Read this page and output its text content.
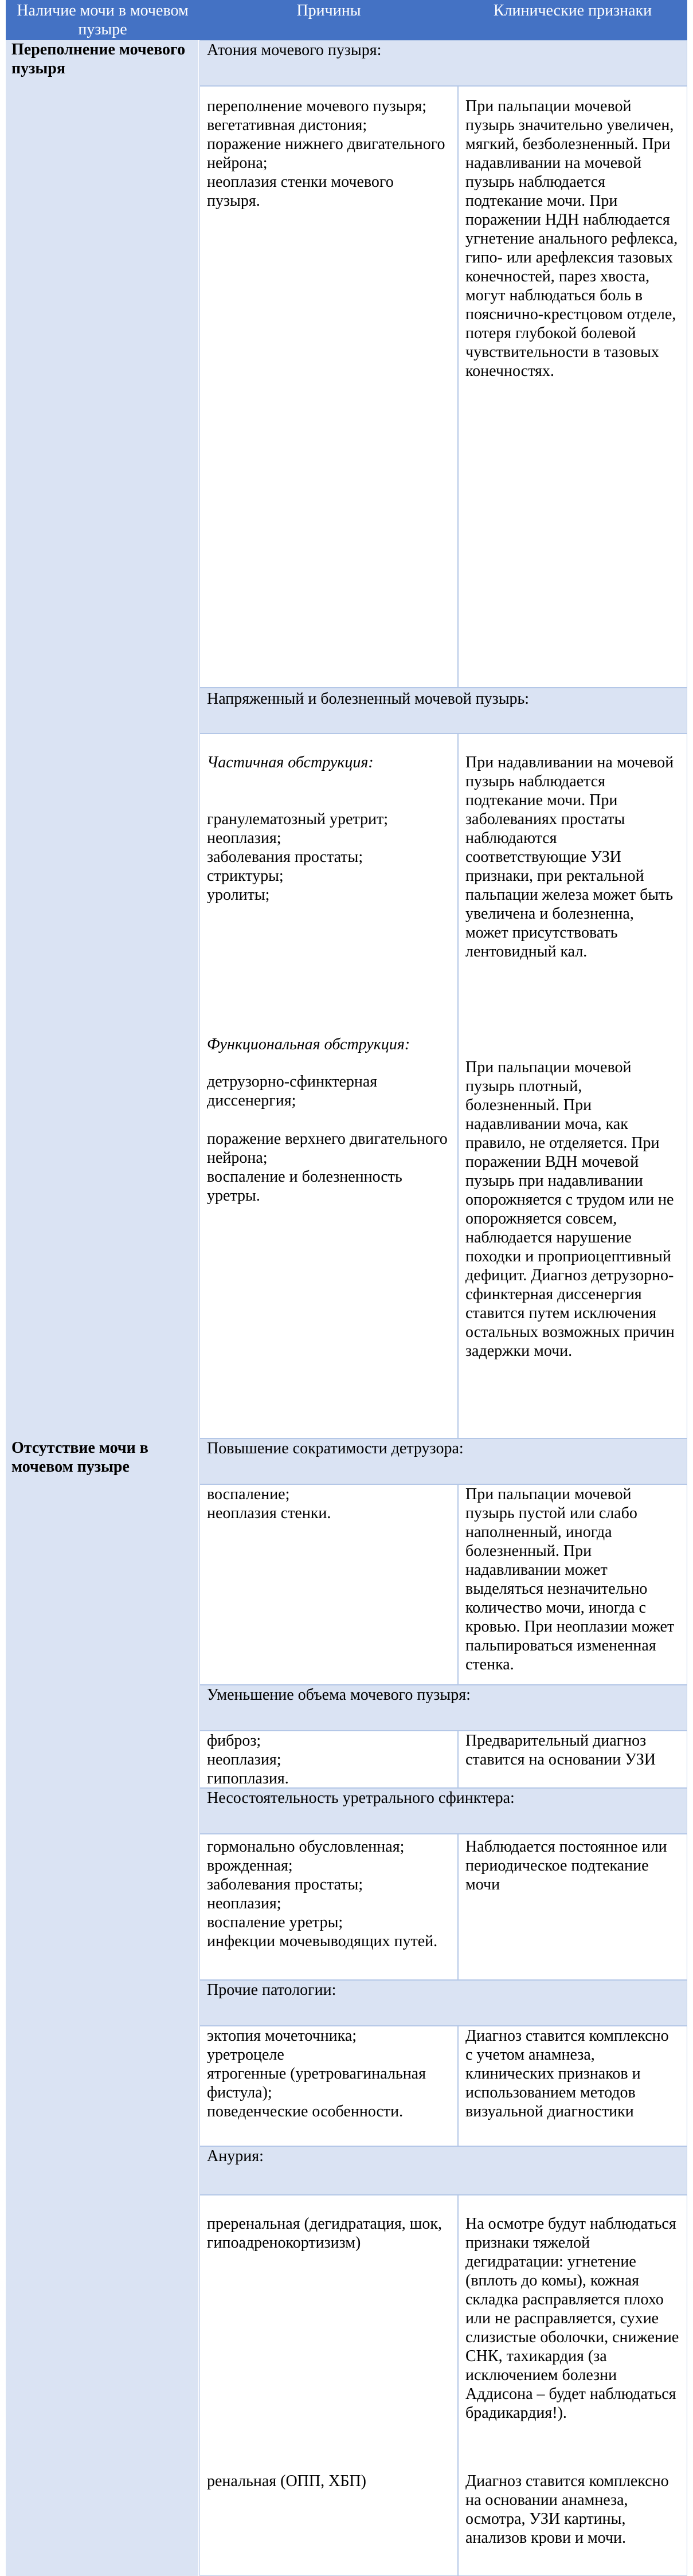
Наличие мочи в мочевом пузыре
Причины	Клинические признаки
Переполнение мочевого пузыря
Отсутствие мочи в мочевом пузыре
Атония мочевого пузыря:
переполнение мочевого пузыря;
вегетативная дистония;
поражение нижнего двигательного нейрона;
неоплазия стенки мочевого пузыря.
При пальпации мочевой пузырь значительно увеличен, мягкий, безболезненный. При надавливании на мочевой пузырь наблюдается подтекание мочи. При поражении НДН наблюдается угнетение анального рефлекса, гипо- или арефлексия тазовых конечностей, парез хвоста, могут наблюдаться боль в пояснично-крестцовом отделе, потеря глубокой болевой чувствительности в тазовых конечностях.
Напряженный и болезненный мочевой пузырь:

Частичная обструкция:

гранулематозный уретрит;
неоплазия;
заболевания простаты;
стриктуры;
уролиты;

Функциональная обструкция:

детрузорно-сфинктерная диссенергия;

поражение верхнего двигательного нейрона;
воспаление и болезненность уретры.

При надавливании на мочевой пузырь наблюдается подтекание мочи. При заболеваниях простаты наблюдаются соответствующие УЗИ признаки, при ректальной пальпации железа может быть увеличена и болезненна, может присутствовать лентовидный кал.

При пальпации мочевой пузырь плотный, болезненный. При надавливании моча, как правило, не отделяется. При поражении ВДН мочевой пузырь при надавливании опорожняется с трудом или не опорожняется совсем, наблюдается нарушение походки и проприоцептивный дефицит. Диагноз детрузорно-сфинктерная диссенергия ставится путем исключения остальных возможных причин задержки мочи.

Повышение сократимости детрузора:
воспаление;
неоплазия стенки.
При пальпации мочевой пузырь пустой или слабо наполненный, иногда болезненный. При надавливании может выделяться незначительно количество мочи, иногда с кровью. При неоплазии может пальпироваться измененная стенка.
Уменьшение объема мочевого пузыря:
фиброз;
неоплазия;
гипоплазия.
Предварительный диагноз ставится на основании УЗИ
Несостоятельность уретрального сфинктера:
гормонально обусловленная;
врожденная;
заболевания простаты;
неоплазия;
воспаление уретры;
инфекции мочевыводящих путей.
Наблюдается постоянное или периодическое подтекание мочи
Прочие патологии:
эктопия мочеточника;
уретроцеле
ятрогенные (уретровагинальная фистула);
поведенческие особенности.
Диагноз ставится комплексно с учетом анамнеза, клинических признаков и использованием методов визуальной диагностики
Анурия:

преренальная (дегидратация, шок, гипоадренокортизизм)

ренальная (ОПП, ХБП)

На осмотре будут наблюдаться признаки тяжелой дегидратации: угнетение (вплоть до комы), кожная складка расправляется плохо или не расправляется, сухие слизистые оболочки, снижение СНК, тахикардия (за исключением болезни Аддисона – будет наблюдаться брадикардия!).

Диагноз ставится комплексно на основании анамнеза, осмотра, УЗИ картины, анализов крови и мочи.
